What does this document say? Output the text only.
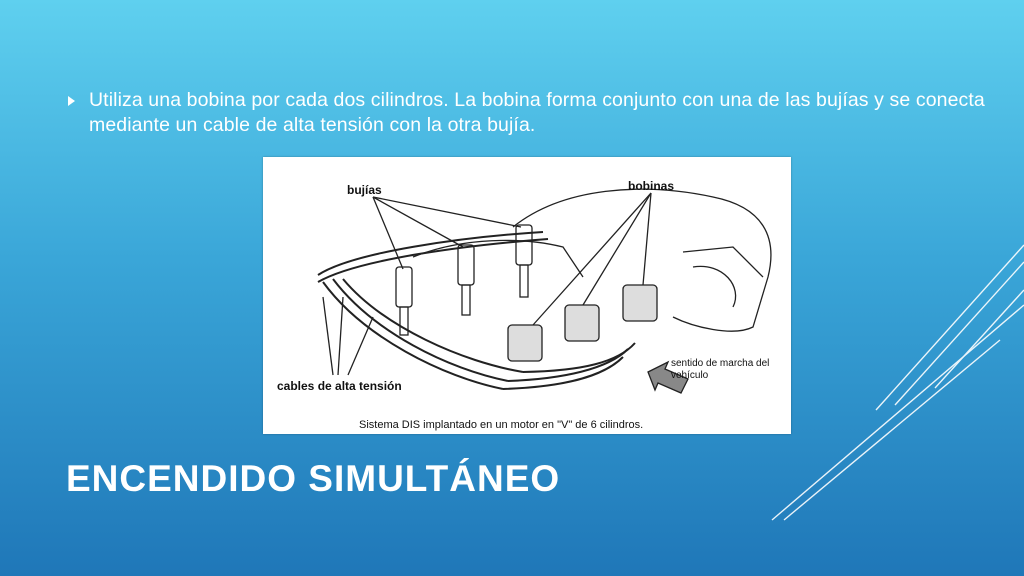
Utiliza una bobina por cada dos cilindros. La bobina forma conjunto con una de las bujías y se conecta mediante un cable de alta tensión con la otra bujía.
bujías	bobinas
cables de alta tensión
sentido de marcha del vehículo
Sistema DIS implantado en un motor en "V" de 6 cilindros.
ENCENDIDO SIMULTÁNEO
